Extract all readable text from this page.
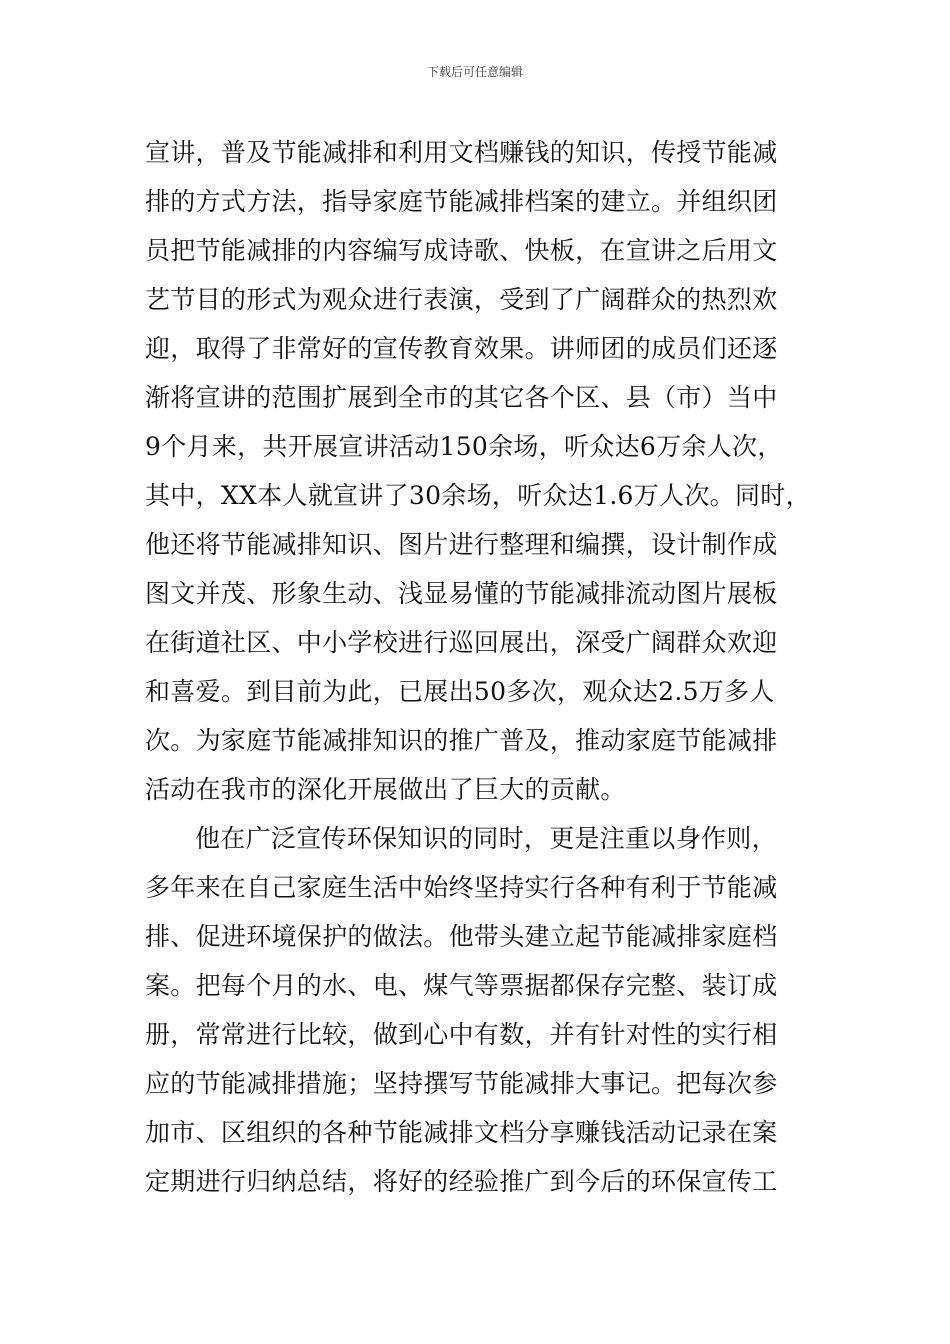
下载后可任意编辑
宣讲，普及节能减排和利用文档赚钱的知识，传授节能减
排的方式方法，指导家庭节能减排档案的建立。并组织团
员把节能减排的内容编写成诗歌、快板，在宣讲之后用文
艺节目的形式为观众进行表演，受到了广阔群众的热烈欢
迎，取得了非常好的宣传教育效果。讲师团的成员们还逐
渐将宣讲的范围扩展到全市的其它各个区、县（市）当中
9个月来，共开展宣讲活动150余场，听众达6万余人次，
其中，XX本人就宣讲了30余场，听众达1.6万人次。同时，
他还将节能减排知识、图片进行整理和编撰，设计制作成
图文并茂、形象生动、浅显易懂的节能减排流动图片展板
在街道社区、中小学校进行巡回展出，深受广阔群众欢迎
和喜爱。到目前为此，已展出50多次，观众达2.5万多人
次。为家庭节能减排知识的推广普及，推动家庭节能减排
活动在我市的深化开展做出了巨大的贡献。
他在广泛宣传环保知识的同时，更是注重以身作则，
多年来在自己家庭生活中始终坚持实行各种有利于节能减
排、促进环境保护的做法。他带头建立起节能减排家庭档
案。把每个月的水、电、煤气等票据都保存完整、装订成
册，常常进行比较，做到心中有数，并有针对性的实行相
应的节能减排措施；坚持撰写节能减排大事记。把每次参
加市、区组织的各种节能减排文档分享赚钱活动记录在案
定期进行归纳总结，将好的经验推广到今后的环保宣传工
